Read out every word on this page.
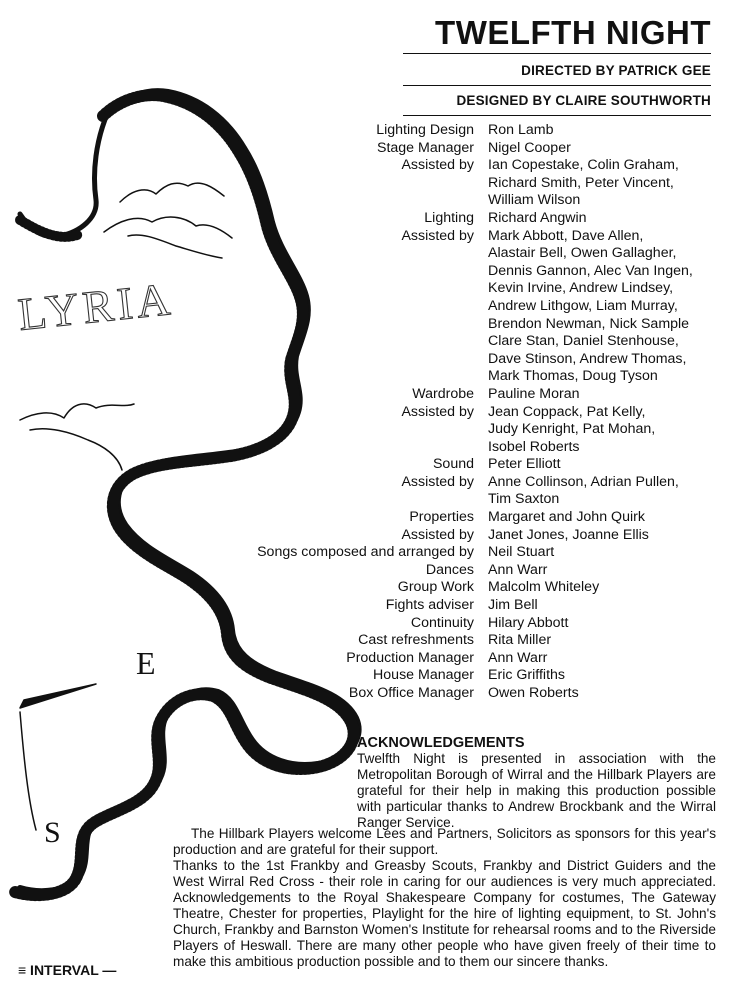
LYRIA
E
S
TWELFTH NIGHT
DIRECTED BY PATRICK GEE
DESIGNED BY CLAIRE SOUTHWORTH
Lighting Design Ron Lamb
Stage Manager Nigel Cooper
Assisted by Ian Copestake, Colin Graham,
Richard Smith, Peter Vincent,
William Wilson
Lighting Richard Angwin
Assisted by Mark Abbott, Dave Allen,
Alastair Bell, Owen Gallagher,
Dennis Gannon, Alec Van Ingen,
Kevin Irvine, Andrew Lindsey,
Andrew Lithgow, Liam Murray,
Brendon Newman, Nick Sample
Clare Stan, Daniel Stenhouse,
Dave Stinson, Andrew Thomas,
Mark Thomas, Doug Tyson
Wardrobe Pauline Moran
Assisted by Jean Coppack, Pat Kelly,
Judy Kenright, Pat Mohan,
Isobel Roberts
Sound Peter Elliott
Assisted by Anne Collinson, Adrian Pullen,
Tim Saxton
Properties Margaret and John Quirk
Assisted by Janet Jones, Joanne Ellis
Songs composed and arranged by Neil Stuart
Dances Ann Warr
Group Work Malcolm Whiteley
Fights adviser Jim Bell
Continuity Hilary Abbott
Cast refreshments Rita Miller
Production Manager Ann Warr
House Manager Eric Griffiths
Box Office Manager Owen Roberts
ACKNOWLEDGEMENTS

Twelfth Night is presented in association with the Metropolitan Borough of Wirral and the Hillbark Players are grateful for their help in making this production possible with particular thanks to Andrew Brockbank and the Wirral Ranger Service.

The Hillbark Players welcome Lees and Partners, Solicitors as sponsors for this year's production and are grateful for their support.

Thanks to the 1st Frankby and Greasby Scouts, Frankby and District Guiders and the West Wirral Red Cross - their role in caring for our audiences is very much appreciated. Acknowledgements to the Royal Shakespeare Company for costumes, The Gateway Theatre, Chester for properties, Playlight for the hire of lighting equipment, to St. John's Church, Frankby and Barnston Women's Institute for rehearsal rooms and to the Riverside Players of Heswall. There are many other people who have given freely of their time to make this ambitious production possible and to them our sincere thanks.

≡ INTERVAL —
